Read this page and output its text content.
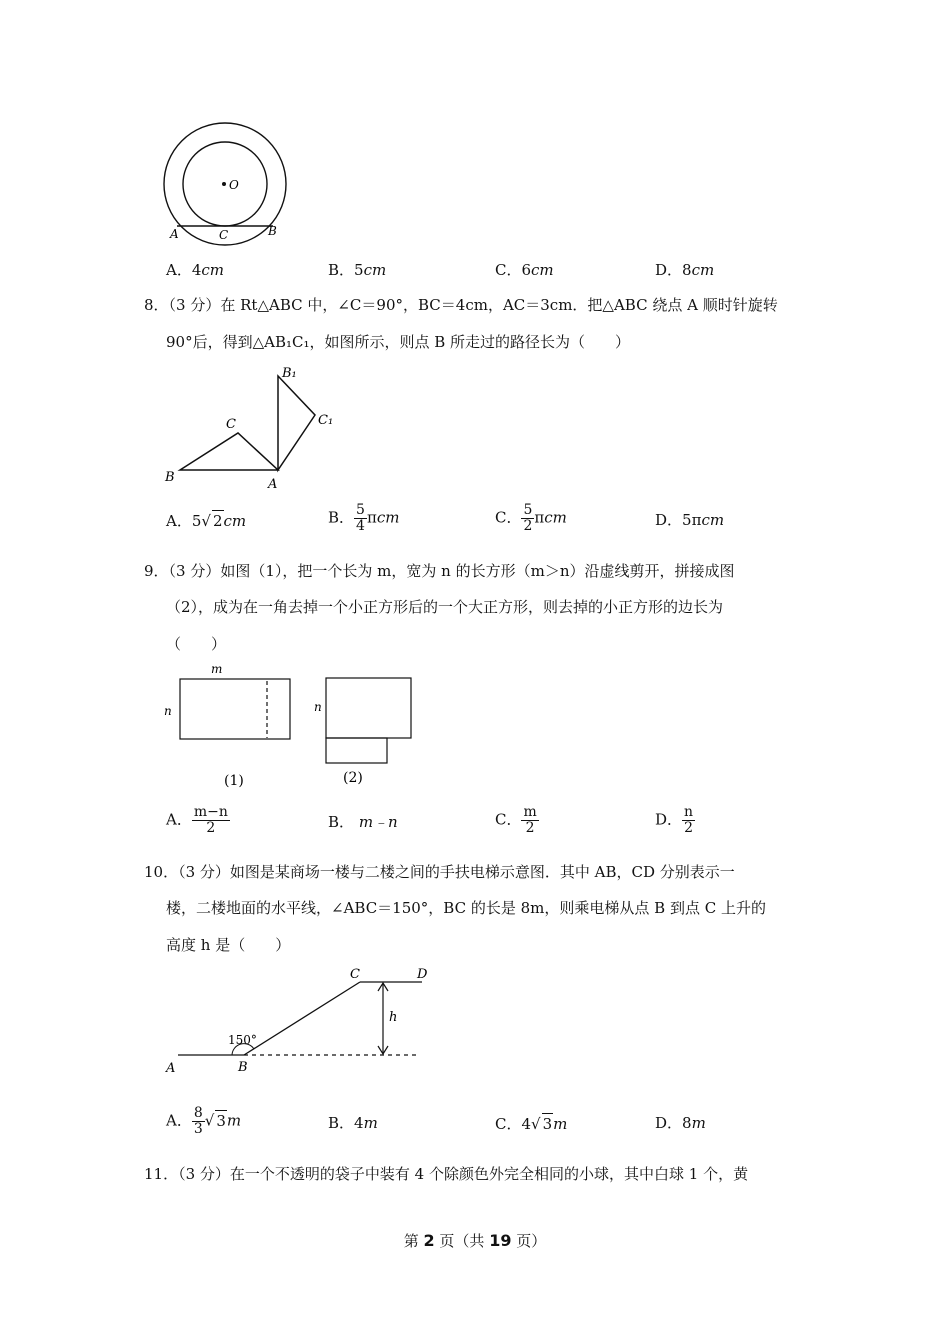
O
A	C	B
A．4cm	B．5cm	C．6cm	D．8cm
8．（3 分）在 Rt△ABC 中，∠C＝90°，BC＝4cm，AC＝3cm．把△ABC 绕点 A 顺时针旋转
90°后，得到△AB₁C₁，如图所示，则点 B 所走过的路径长为（　　）
B
C
A
B₁
C₁
A．5√ 2cm	B． $\frac{5}{4}$ πcm	C． $\frac{5}{2}$ πcm	D．5πcm
9．（3 分）如图（1），把一个长为 m，宽为 n 的长方形（m＞n）沿虚线剪开，拼接成图
（2），成为在一角去掉一个小正方形后的一个大正方形，则去掉的小正方形的边长为
（　　）
m
n	n
(1)	(2)
A． $\frac{m-n}{2}$	B． m﹣n	C． $\frac{m}{2}$	D． $\frac{n}{2}$
10．（3 分）如图是某商场一楼与二楼之间的手扶电梯示意图．其中 AB，CD 分别表示一
楼，二楼地面的水平线，∠ABC＝150°，BC 的长是 8m，则乘电梯从点 B 到点 C 上升的
高度 h 是（　　）
A	B
C	D
h
150°
A． $\frac{8}{3}$ √ 3m	B．4m	C．4√ 3m	D．8m
11．（3 分）在一个不透明的袋子中装有 4 个除颜色外完全相同的小球，其中白球 1 个，黄
第 2 页（共 19 页）
